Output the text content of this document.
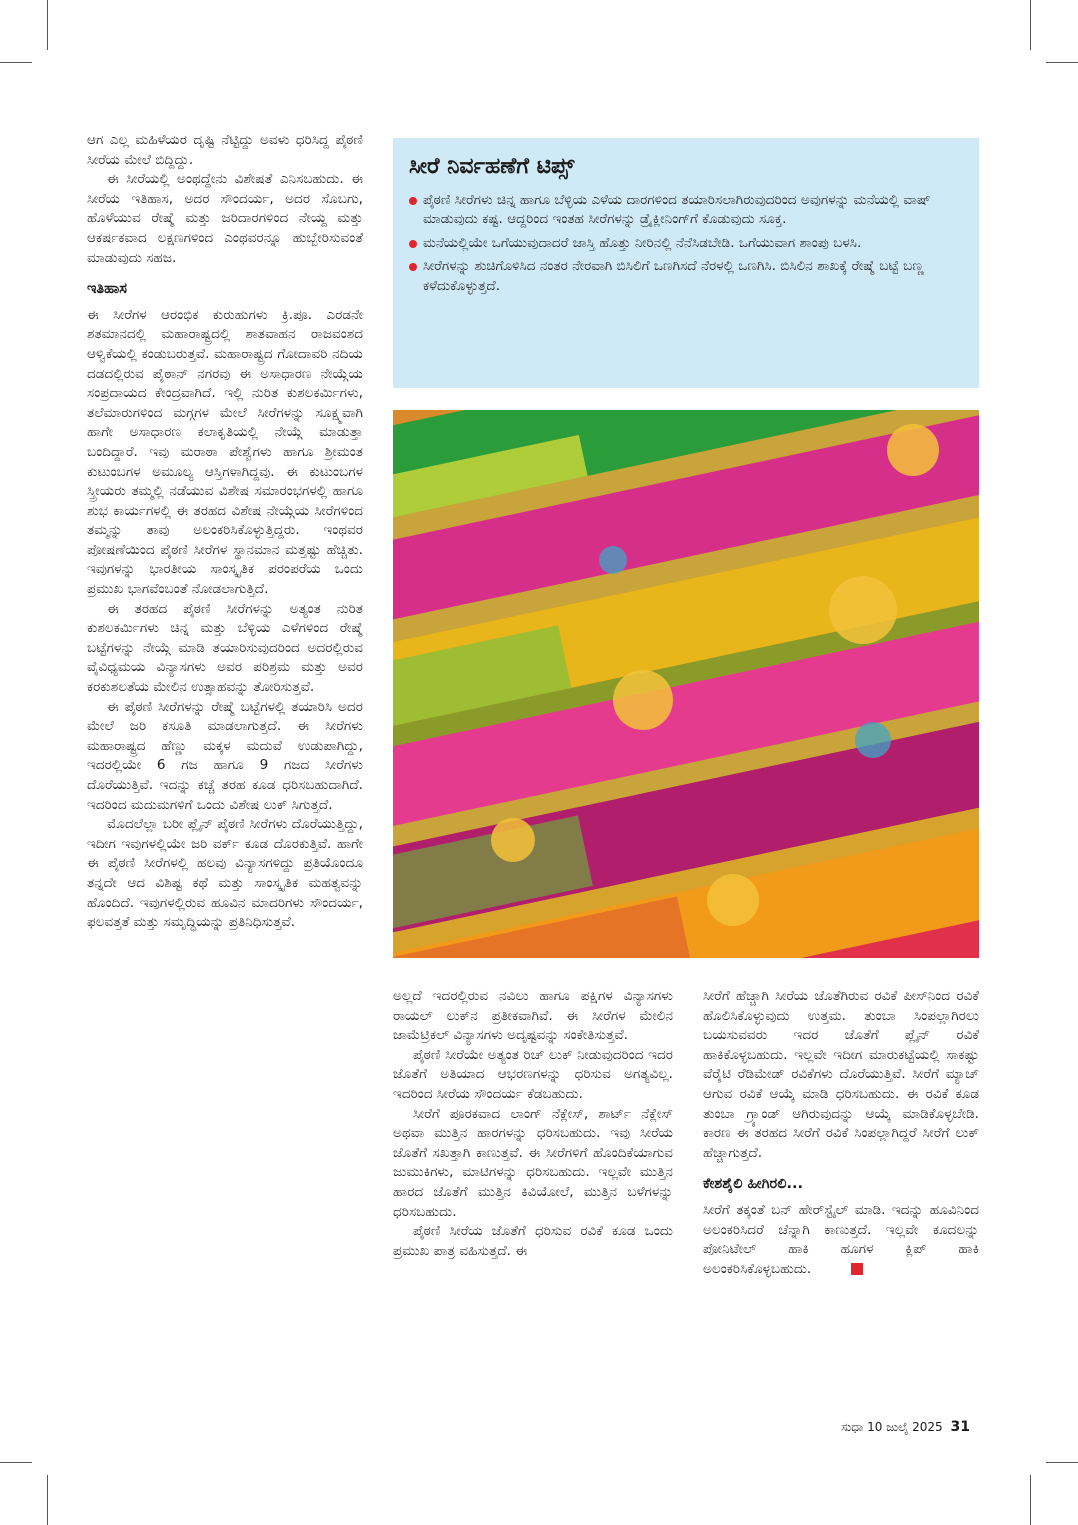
ಆಗ ಎಲ್ಲ ಮಹಿಳೆಯರ ದೃಷ್ಟಿ ನೆಟ್ಟಿದ್ದು ಅವಳು ಧರಿಸಿದ್ದ ಪೈಠಣಿ ಸೀರೆಯ ಮೇಲೆ ಬಿದ್ದಿದ್ದು.

ಈ ಸೀರೆಯಲ್ಲಿ ಅಂಥದ್ದೇನು ವಿಶೇಷತೆ ಎನಿಸಬಹುದು. ಈ ಸೀರೆಯ ಇತಿಹಾಸ, ಅದರ ಸೌಂದರ್ಯ, ಅದರ ಸೊಬಗು, ಹೊಳೆಯುವ ರೇಷ್ಮೆ ಮತ್ತು ಜರಿದಾರಗಳಿಂದ ನೇಯ್ದ ಮತ್ತು ಆಕರ್ಷಕವಾದ ಲಕ್ಷಣಗಳಿಂದ ಎಂಥವರನ್ನೂ ಹುಬ್ಬೇರಿಸುವಂತೆ ಮಾಡುವುದು ಸಹಜ.

ಇತಿಹಾಸ

ಈ ಸೀರೆಗಳ ಆರಂಭಿಕ ಕುರುಹುಗಳು ಕ್ರಿ.ಪೂ. ಎರಡನೇ ಶತಮಾನದಲ್ಲಿ ಮಹಾರಾಷ್ಟ್ರದಲ್ಲಿ ಶಾತವಾಹನ ರಾಜವಂಶದ ಆಳ್ವಿಕೆಯಲ್ಲಿ ಕಂಡುಬರುತ್ತವೆ. ಮಹಾರಾಷ್ಟ್ರದ ಗೋದಾವರಿ ನದಿಯ ದಡದಲ್ಲಿರುವ ಪೈಠಾನ್ ನಗರವು ಈ ಅಸಾಧಾರಣ ನೇಯ್ಗೆಯ ಸಂಪ್ರದಾಯದ ಕೇಂದ್ರವಾಗಿದೆ. ಇಲ್ಲಿ ನುರಿತ ಕುಶಲಕರ್ಮಿಗಳು, ತಲೆಮಾರುಗಳಿಂದ ಮಗ್ಗಗಳ ಮೇಲೆ ಸೀರೆಗಳನ್ನು ಸೂಕ್ಷ್ಮವಾಗಿ ಹಾಗೇ ಅಸಾಧಾರಣ ಕಲಾಕೃತಿಯಲ್ಲಿ ನೇಯ್ಗೆ ಮಾಡುತ್ತಾ ಬಂದಿದ್ದಾರೆ. ಇವು ಮರಾಠಾ ಪೇಶ್ವೆಗಳು ಹಾಗೂ ಶ್ರೀಮಂತ ಕುಟುಂಬಗಳ ಅಮೂಲ್ಯ ಆಸ್ತಿಗಳಾಗಿದ್ದವು. ಈ ಕುಟುಂಬಗಳ ಸ್ತ್ರೀಯರು ತಮ್ಮಲ್ಲಿ ನಡೆಯುವ ವಿಶೇಷ ಸಮಾರಂಭಗಳಲ್ಲಿ ಹಾಗೂ ಶುಭ ಕಾರ್ಯಗಳಲ್ಲಿ ಈ ತರಹದ ವಿಶೇಷ ನೇಯ್ಗೆಯ ಸೀರೆಗಳಿಂದ ತಮ್ಮನ್ನು ತಾವು ಅಲಂಕರಿಸಿಕೊಳ್ಳುತ್ತಿದ್ದರು. ಇಂಥವರ ಪೋಷಣೆಯಿಂದ ಪೈಠಣಿ ಸೀರೆಗಳ ಸ್ಥಾನಮಾನ ಮತ್ತಷ್ಟು ಹೆಚ್ಚಿತು. ಇವುಗಳನ್ನು ಭಾರತೀಯ ಸಾಂಸ್ಕೃತಿಕ ಪರಂಪರೆಯ ಒಂದು ಪ್ರಮುಖ ಭಾಗವೆಂಬಂತೆ ನೋಡಲಾಗುತ್ತಿದೆ.

ಈ ತರಹದ ಪೈಠಣಿ ಸೀರೆಗಳನ್ನು ಅತ್ಯಂತ ನುರಿತ ಕುಶಲಕರ್ಮಿಗಳು ಚಿನ್ನ ಮತ್ತು ಬೆಳ್ಳಿಯ ಎಳೆಗಳಿಂದ ರೇಷ್ಮೆ ಬಟ್ಟೆಗಳನ್ನು ನೇಯ್ಗೆ ಮಾಡಿ ತಯಾರಿಸುವುದರಿಂದ ಅದರಲ್ಲಿರುವ ವೈವಿಧ್ಯಮಯ ವಿನ್ಯಾಸಗಳು ಅವರ ಪರಿಶ್ರಮ ಮತ್ತು ಅವರ ಕರಕುಶಲತೆಯ ಮೇಲಿನ ಉತ್ಸಾಹವನ್ನು ತೋರಿಸುತ್ತವೆ.

ಈ ಪೈಠಣಿ ಸೀರೆಗಳನ್ನು ರೇಷ್ಮೆ ಬಟ್ಟೆಗಳಲ್ಲಿ ತಯಾರಿಸಿ ಅದರ ಮೇಲೆ ಜರಿ ಕಸೂತಿ ಮಾಡಲಾಗುತ್ತದೆ. ಈ ಸೀರೆಗಳು ಮಹಾರಾಷ್ಟ್ರದ ಹೆಣ್ಣು ಮಕ್ಕಳ ಮದುವೆ ಉಡುಪಾಗಿದ್ದು, ಇದರಲ್ಲಿಯೇ 6 ಗಜ ಹಾಗೂ 9 ಗಜದ ಸೀರೆಗಳು ದೊರೆಯುತ್ತಿವೆ. ಇದನ್ನು ಕಚ್ಚೆ ತರಹ ಕೂಡ ಧರಿಸಬಹುದಾಗಿದೆ. ಇದರಿಂದ ಮದುಮಗಳಿಗೆ ಒಂದು ವಿಶೇಷ ಲುಕ್ ಸಿಗುತ್ತದೆ.

ಮೊದಲೆಲ್ಲಾ ಬರೀ ಪ್ಲೈನ್ ಪೈಠಣಿ ಸೀರೆಗಳು ದೊರೆಯುತ್ತಿದ್ದು, ಇದೀಗ ಇವುಗಳಲ್ಲಿಯೇ ಜರಿ ವರ್ಕ್ ಕೂಡ ದೊರಕುತ್ತಿವೆ. ಹಾಗೇ ಈ ಪೈಠಣಿ ಸೀರೆಗಳಲ್ಲಿ ಹಲವು ವಿನ್ಯಾಸಗಳಿದ್ದು ಪ್ರತಿಯೊಂದೂ ತನ್ನದೇ ಆದ ವಿಶಿಷ್ಟ ಕಥೆ ಮತ್ತು ಸಾಂಸ್ಕೃತಿಕ ಮಹತ್ವವನ್ನು ಹೊಂದಿದೆ. ಇವುಗಳಲ್ಲಿರುವ ಹೂವಿನ ಮಾದರಿಗಳು ಸೌಂದರ್ಯ, ಫಲವತ್ತತೆ ಮತ್ತು ಸಮೃದ್ಧಿಯನ್ನು ಪ್ರತಿನಿಧಿಸುತ್ತವೆ.

ಸೀರೆ ನಿರ್ವಹಣೆಗೆ ಟಿಪ್ಸ್
ಪೈಠಣಿ ಸೀರೆಗಳು ಚಿನ್ನ ಹಾಗೂ ಬೆಳ್ಳಿಯ ಎಳೆಯ ದಾರಗಳಿಂದ ತಯಾರಿಸಲಾಗಿರುವುದರಿಂದ ಅವುಗಳನ್ನು ಮನೆಯಲ್ಲಿ ವಾಷ್ ಮಾಡುವುದು ಕಷ್ಟ. ಆದ್ದರಿಂದ ಇಂತಹ ಸೀರೆಗಳನ್ನು ಡ್ರೈಕ್ಲೀನಿಂಗ್‌ಗೆ ಕೊಡುವುದು ಸೂಕ್ತ.
ಮನೆಯಲ್ಲಿಯೇ ಒಗೆಯುವುದಾದರೆ ಜಾಸ್ತಿ ಹೊತ್ತು ನೀರಿನಲ್ಲಿ ನೆನೆಸಿಡಬೇಡಿ. ಒಗೆಯುವಾಗ ಶಾಂಪು ಬಳಸಿ.
ಸೀರೆಗಳನ್ನು ಶುಚಿಗೊಳಿಸಿದ ನಂತರ ನೇರವಾಗಿ ಬಿಸಿಲಿಗೆ ಒಣಗಿಸದೆ ನೆರಳಲ್ಲಿ ಒಣಗಿಸಿ. ಬಿಸಿಲಿನ ಶಾಖಕ್ಕೆ ರೇಷ್ಮೆ ಬಟ್ಟೆ ಬಣ್ಣ ಕಳೆದುಕೊಳ್ಳುತ್ತದೆ.

ಅಲ್ಲದೆ ಇದರಲ್ಲಿರುವ ನವಿಲು ಹಾಗೂ ಪಕ್ಷಿಗಳ ವಿನ್ಯಾಸಗಳು ರಾಯಲ್ ಲುಕ್‌ನ ಪ್ರತೀಕವಾಗಿವೆ. ಈ ಸೀರೆಗಳ ಮೇಲಿನ ಜಾಮೆಟ್ರಿಕಲ್ ವಿನ್ಯಾಸಗಳು ಅದೃಷ್ಟವನ್ನು ಸಂಕೇತಿಸುತ್ತವೆ.

ಪೈಠಣಿ ಸೀರೆಯೇ ಅತ್ಯಂತ ರಿಚ್ ಲುಕ್ ನೀಡುವುದರಿಂದ ಇದರ ಜೊತೆಗೆ ಅತಿಯಾದ ಆಭರಣಗಳನ್ನು ಧರಿಸುವ ಅಗತ್ಯವಿಲ್ಲ. ಇದರಿಂದ ಸೀರೆಯ ಸೌಂದರ್ಯ ಕೆಡಬಹುದು.

ಸೀರೆಗೆ ಪೂರಕವಾದ ಲಾಂಗ್ ನೆಕ್ಲೇಸ್, ಶಾರ್ಟ್ ನೆಕ್ಲೇಸ್ ಅಥವಾ ಮುತ್ತಿನ ಹಾರಗಳನ್ನು ಧರಿಸಬಹುದು. ಇವು ಸೀರೆಯ ಜೊತೆಗೆ ಸಖತ್ತಾಗಿ ಕಾಣುತ್ತವೆ. ಈ ಸೀರೆಗಳಿಗೆ ಹೊಂದಿಕೆಯಾಗುವ ಜುಮುಕಿಗಳು, ಮಾಟಿಗಳನ್ನು ಧರಿಸಬಹುದು. ಇಲ್ಲವೇ ಮುತ್ತಿನ ಹಾರದ ಜೊತೆಗೆ ಮುತ್ತಿನ ಕಿವಿಯೋಲೆ, ಮುತ್ತಿನ ಬಳೆಗಳನ್ನು ಧರಿಸಬಹುದು.

ಪೈಠಣಿ ಸೀರೆಯ ಜೊತೆಗೆ ಧರಿಸುವ ರವಿಕೆ ಕೂಡ ಒಂದು ಪ್ರಮುಖ ಪಾತ್ರ ವಹಿಸುತ್ತದೆ. ಈ

ಸೀರೆಗೆ ಹೆಚ್ಚಾಗಿ ಸೀರೆಯ ಜೊತೆಗಿರುವ ರವಿಕೆ ಪೀಸ್‌ನಿಂದ ರವಿಕೆ ಹೊಲಿಸಿಕೊಳ್ಳುವುದು ಉತ್ತಮ. ತುಂಬಾ ಸಿಂಪಲ್ಲಾಗಿರಲು ಬಯಸುವವರು ಇದರ ಜೊತೆಗೆ ಪ್ಲೈನ್ ರವಿಕೆ ಹಾಕಿಕೊಳ್ಳಬಹುದು. ಇಲ್ಲವೇ ಇದೀಗ ಮಾರುಕಟ್ಟೆಯಲ್ಲಿ ಸಾಕಷ್ಟು ವೆರೈಟಿ ರೆಡಿಮೇಡ್ ರವಿಕೆಗಳು ದೊರೆಯುತ್ತಿವೆ. ಸೀರೆಗೆ ಮ್ಯಾಚ್ ಆಗುವ ರವಿಕೆ ಆಯ್ಕೆ ಮಾಡಿ ಧರಿಸಬಹುದು. ಈ ರವಿಕೆ ಕೂಡ ತುಂಬಾ ಗ್ರ್ಯಾಂಡ್ ಆಗಿರುವುದನ್ನು ಆಯ್ಕೆ ಮಾಡಿಕೊಳ್ಳಬೇಡಿ. ಕಾರಣ ಈ ತರಹದ ಸೀರೆಗೆ ರವಿಕೆ ಸಿಂಪಲ್ಲಾಗಿದ್ದರೆ ಸೀರೆಗೆ ಲುಕ್ ಹೆಚ್ಚಾಗುತ್ತದೆ.

ಕೇಶಶೈಲಿ ಹೀಗಿರಲಿ...

ಸೀರೆಗೆ ತಕ್ಕಂತೆ ಬನ್ ಹೇರ್‌ಸ್ಟೈಲ್ ಮಾಡಿ. ಇದನ್ನು ಹೂವಿನಿಂದ ಅಲಂಕರಿಸಿದರೆ ಚೆನ್ನಾಗಿ ಕಾಣುತ್ತದೆ. ಇಲ್ಲವೇ ಕೂದಲನ್ನು ಪೋನಿಟೇಲ್ ಹಾಕಿ ಹೂಗಳ ಕ್ಲಿಪ್ ಹಾಕಿ ಅಲಂಕರಿಸಿಕೊಳ್ಳಬಹುದು.

ಸುಧಾ 10 ಜುಲೈ 2025 31
